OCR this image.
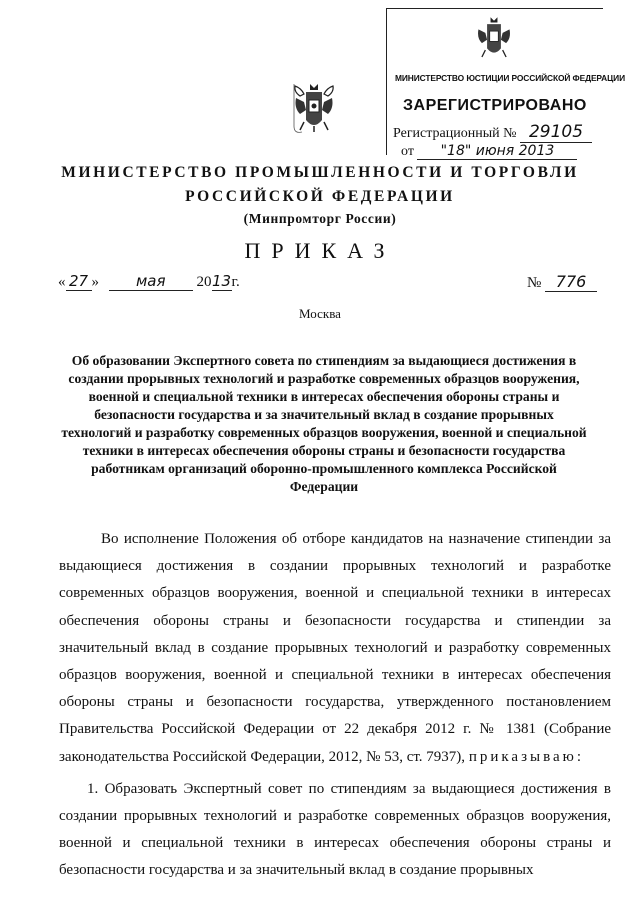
МИНИСТЕРСТВО ЮСТИЦИИ РОССИЙСКОЙ ФЕДЕРАЦИИ
ЗАРЕГИСТРИРОВАНО
Регистрационный № 29105
от "18" июня 2013
МИНИСТЕРСТВО ПРОМЫШЛЕННОСТИ И ТОРГОВЛИ
РОССИЙСКОЙ ФЕДЕРАЦИИ
(Минпромторг России)
ПРИКАЗ
« 27 » мая 2013г.	№ 776
Москва
Об образовании Экспертного совета по стипендиям за выдающиеся достижения в создании прорывных технологий и разработке современных образцов вооружения, военной и специальной техники в интересах обеспечения обороны страны и безопасности государства и за значительный вклад в создание прорывных технологий и разработку современных образцов вооружения, военной и специальной техники в интересах обеспечения обороны страны и безопасности государства работникам организаций оборонно-промышленного комплекса Российской Федерации

Во исполнение Положения об отборе кандидатов на назначение стипендии за выдающиеся достижения в создании прорывных технологий и разработке современных образцов вооружения, военной и специальной техники в интересах обеспечения обороны страны и безопасности государства и стипендии за значительный вклад в создание прорывных технологий и разработку современных образцов вооружения, военной и специальной техники в интересах обеспечения обороны страны и безопасности государства, утвержденного постановлением Правительства Российской Федерации от 22 декабря 2012 г. № 1381 (Собрание законодательства Российской Федерации, 2012, № 53, ст. 7937), приказываю:

1. Образовать Экспертный совет по стипендиям за выдающиеся достижения в создании прорывных технологий и разработке современных образцов вооружения, военной и специальной техники в интересах обеспечения обороны страны и безопасности государства и за значительный вклад в создание прорывных
